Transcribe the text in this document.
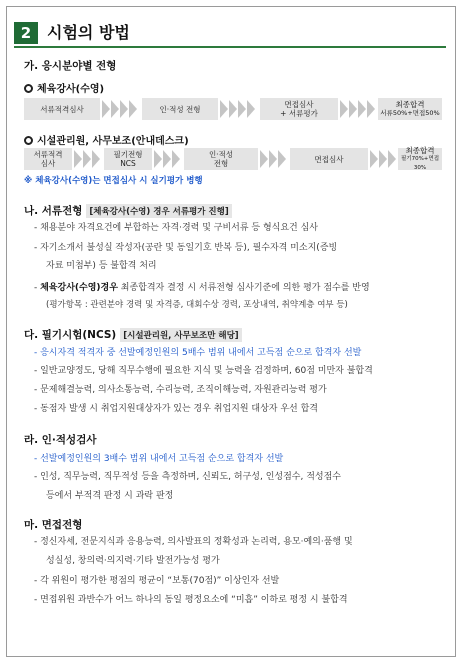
2 시험의 방법
가. 응시분야별 전형
체육강사(수영)
서류적격심사	인·적성 전형	면접심사
+ 서류평가
최종합격
서류50%+면접50%
시설관리원, 사무보조(안내데스크)
서류적격
심사
필기전형
NCS
인·적성
전형	면접심사
최종합격
필기70%+면접30%
※ 체육강사(수영)는 면접심사 시 실기평가 병행
나. 서류전형 [체육강사(수영) 경우 서류평가 진행]
- 채용분야 자격요건에 부합하는 자격·경력 및 구비서류 등 형식요건 심사
- 자기소개서 불성실 작성자(공란 및 동일기호 반복 등), 필수자격 미소지(증빙
자료 미첨부) 등 불합격 처리
- 체육강사(수영)경우 최종합격자 결정 시 서류전형 심사기준에 의한 평가 점수를 반영
(평가항목 : 관련분야 경력 및 자격증, 대회수상 경력, 포상내역, 취약계층 여부 등)
다. 필기시험(NCS) [시설관리원, 사무보조만 해당]
- 응시자격 적격자 중 선발예정인원의 5배수 범위 내에서 고득점 순으로 합격자 선발
- 일반교양정도, 당해 직무수행에 필요한 지식 및 능력을 검정하며, 60점 미만자 불합격
- 문제해결능력, 의사소통능력, 수리능력, 조직이해능력, 자원관리능력 평가
- 동점자 발생 시 취업지원대상자가 있는 경우 취업지원 대상자 우선 합격
라. 인·적성검사
- 선발예정인원의 3배수 범위 내에서 고득점 순으로 합격자 선발
- 인성, 직무능력, 직무적성 등을 측정하며, 신뢰도, 허구성, 인성점수, 적성점수
등에서 부적격 판정 시 과락 판정
마. 면접전형
- 정신자세, 전문지식과 응용능력, 의사발표의 정확성과 논리력, 용모·예의·품행 및
성실성, 창의력·의지력·기타 발전가능성 평가
- 각 위원이 평가한 평점의 평균이 “보통(70점)” 이상인자 선발
- 면접위원 과반수가 어느 하나의 동일 평정요소에 “미흡” 이하로 평정 시 불합격
